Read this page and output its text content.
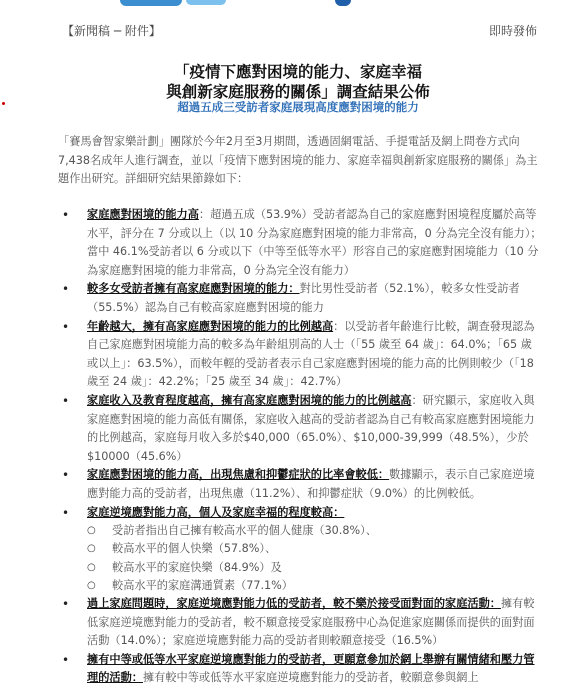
【新聞稿 ─ 附件】	即時發佈
「疫情下應對困境的能力、家庭幸福
與創新家庭服務的關係」調查結果公佈
超過五成三受訪者家庭展現高度應對困境的能力

「賽馬會智家樂計劃」團隊於今年2月至3月期間，透過固網電話、手提電話及網上問卷方式向7,438名成年人進行調查，並以「疫情下應對困境的能力、家庭幸福與創新家庭服務的關係」為主題作出研究。詳細研究結果節錄如下：

• 家庭應對困境的能力高：超過五成（53.9%）受訪者認為自己的家庭應對困境程度屬於高等水平，評分在 7 分或以上（以 10 分為家庭應對困境的能力非常高，0 分為完全沒有能力）；當中 46.1%受訪者以 6 分或以下（中等至低等水平）形容自己的家庭應對困境能力（10 分為家庭應對困境的能力非常高，0 分為完全沒有能力）
• 較多女受訪者擁有高家庭應對困境的能力：對比男性受訪者（52.1%），較多女性受訪者（55.5%）認為自己有較高家庭應對困境的能力
• 年齡越大，擁有高家庭應對困境的能力的比例越高：以受訪者年齡進行比較，調查發現認為自己家庭應對困境能力高的較多為年齡組別高的人士（「55 歲至 64 歲」：64.0%；「65 歲或以上」：63.5%），而較年輕的受訪者表示自己家庭應對困境的能力高的比例則較少（「18 歲至 24 歲」：42.2%；「25 歲至 34 歲」：42.7%）
• 家庭收入及教育程度越高，擁有高家庭應對困境的能力的比例越高：研究顯示，家庭收入與家庭應對困境的能力高低有關係，家庭收入越高的受訪者認為自己有較高家庭應對困境能力的比例越高，家庭每月收入多於$40,000（65.0%）、$10,000-39,999（48.5%），少於$10000（45.6%）
• 家庭應對困境的能力高，出現焦慮和抑鬱症狀的比率會較低：數據顯示，表示自己家庭逆境應對能力高的受訪者，出現焦慮（11.2%）、和抑鬱症狀（9.0%）的比例較低。
• 家庭逆境應對能力高，個人及家庭幸福的程度較高：
○ 受訪者指出自己擁有較高水平的個人健康（30.8%）、
○ 較高水平的個人快樂（57.8%）、
○ 較高水平的家庭快樂（84.9%）及
○ 較高水平的家庭溝通質素（77.1%）
• 過上家庭問題時，家庭逆境應對能力低的受訪者，較不樂於接受面對面的家庭活動：擁有較低家庭逆境應對能力的受訪者，較不願意接受家庭服務中心為促進家庭關係而提供的面對面活動（14.0%）；家庭逆境應對能力高的受訪者則較願意接受（16.5%）
• 擁有中等或低等水平家庭逆境應對能力的受訪者，更願意參加於網上舉辦有關情緒和壓力管理的活動：擁有較中等或低等水平家庭逆境應對能力的受訪者，較願意參與網上
